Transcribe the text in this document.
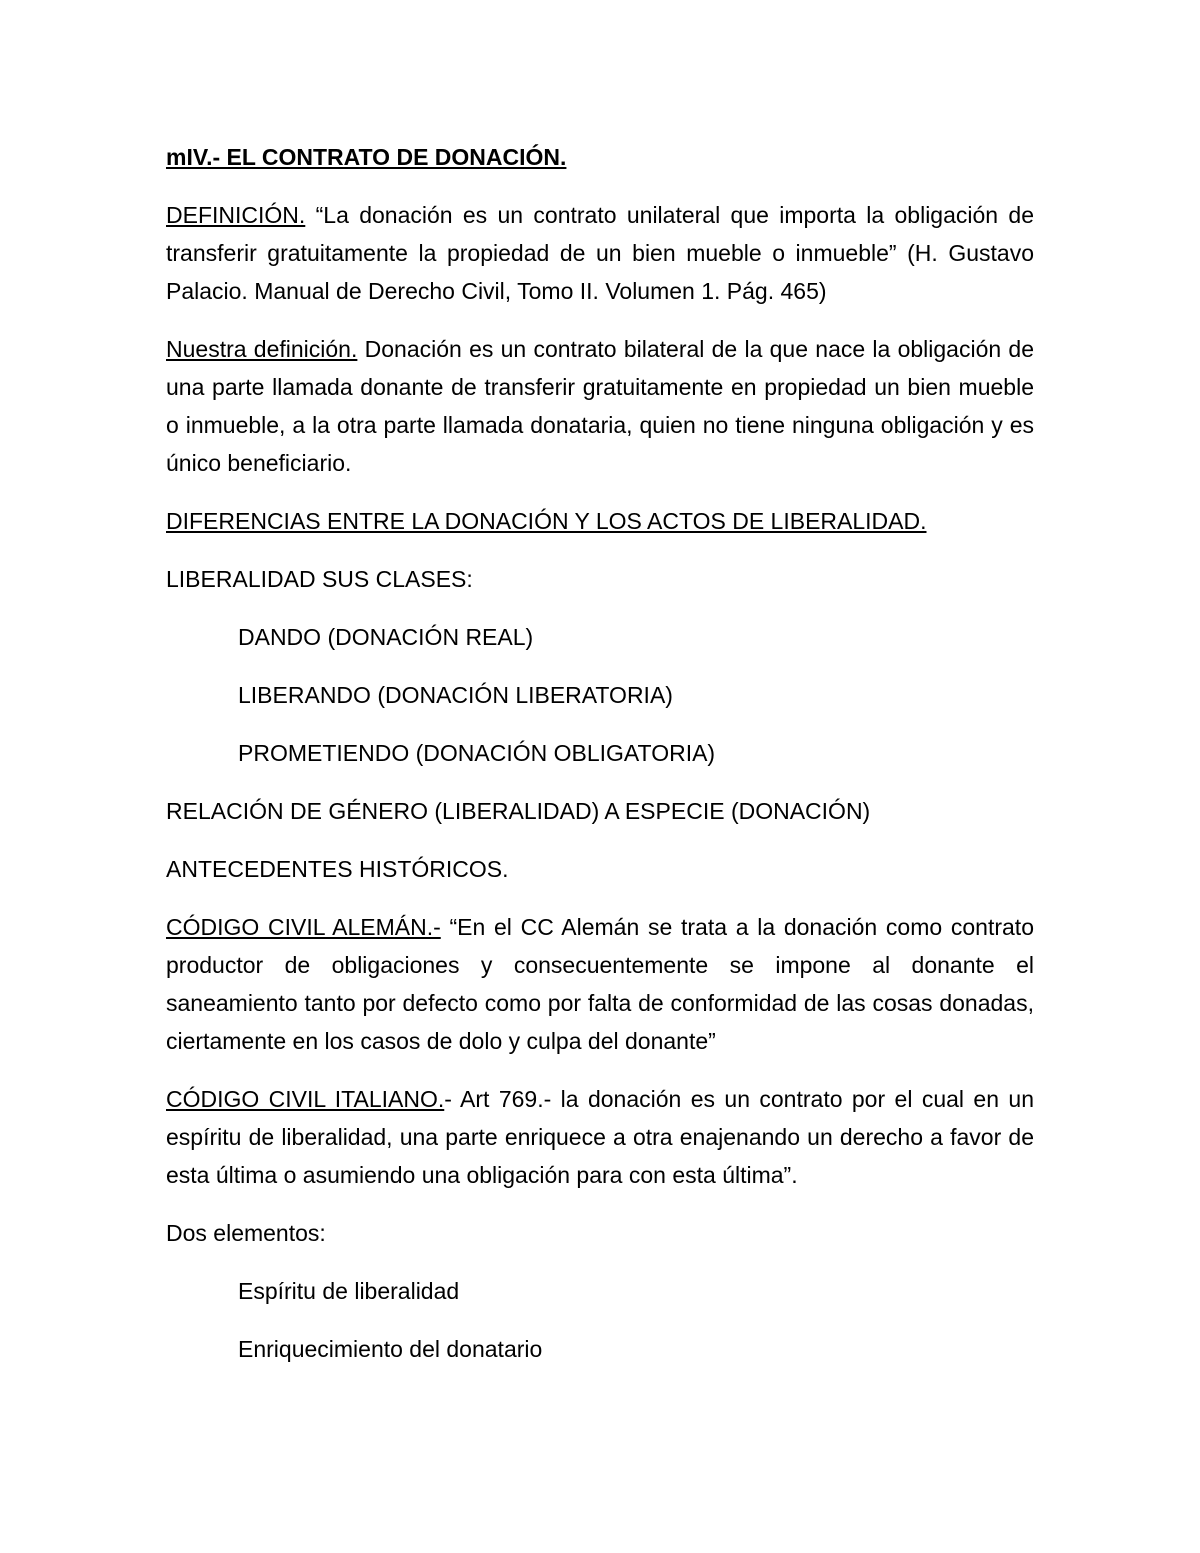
mIV.- EL CONTRATO DE DONACIÓN.

DEFINICIÓN. “La donación es un contrato unilateral que importa la obligación de transferir gratuitamente la propiedad de un bien mueble o inmueble” (H. Gustavo Palacio. Manual de Derecho Civil, Tomo II. Volumen 1. Pág. 465)

Nuestra definición. Donación es un contrato bilateral de la que nace la obligación de una parte llamada donante de transferir gratuitamente en propiedad un bien mueble o inmueble, a la otra parte llamada donataria, quien no tiene ninguna obligación y es único beneficiario.

DIFERENCIAS ENTRE LA DONACIÓN Y LOS ACTOS DE LIBERALIDAD.

LIBERALIDAD SUS CLASES:

DANDO (DONACIÓN REAL)

LIBERANDO (DONACIÓN LIBERATORIA)

PROMETIENDO (DONACIÓN OBLIGATORIA)

RELACIÓN DE GÉNERO (LIBERALIDAD) A ESPECIE (DONACIÓN)

ANTECEDENTES HISTÓRICOS.

CÓDIGO CIVIL ALEMÁN.- “En el CC Alemán se trata a la donación como contrato productor de obligaciones y consecuentemente se impone al donante el saneamiento tanto por defecto como por falta de conformidad de las cosas donadas, ciertamente en los casos de dolo y culpa del donante”

CÓDIGO CIVIL ITALIANO.- Art 769.- la donación es un contrato por el cual en un espíritu de liberalidad, una parte enriquece a otra enajenando un derecho a favor de esta última o asumiendo una obligación para con esta última”.

Dos elementos:

Espíritu de liberalidad

Enriquecimiento del donatario
